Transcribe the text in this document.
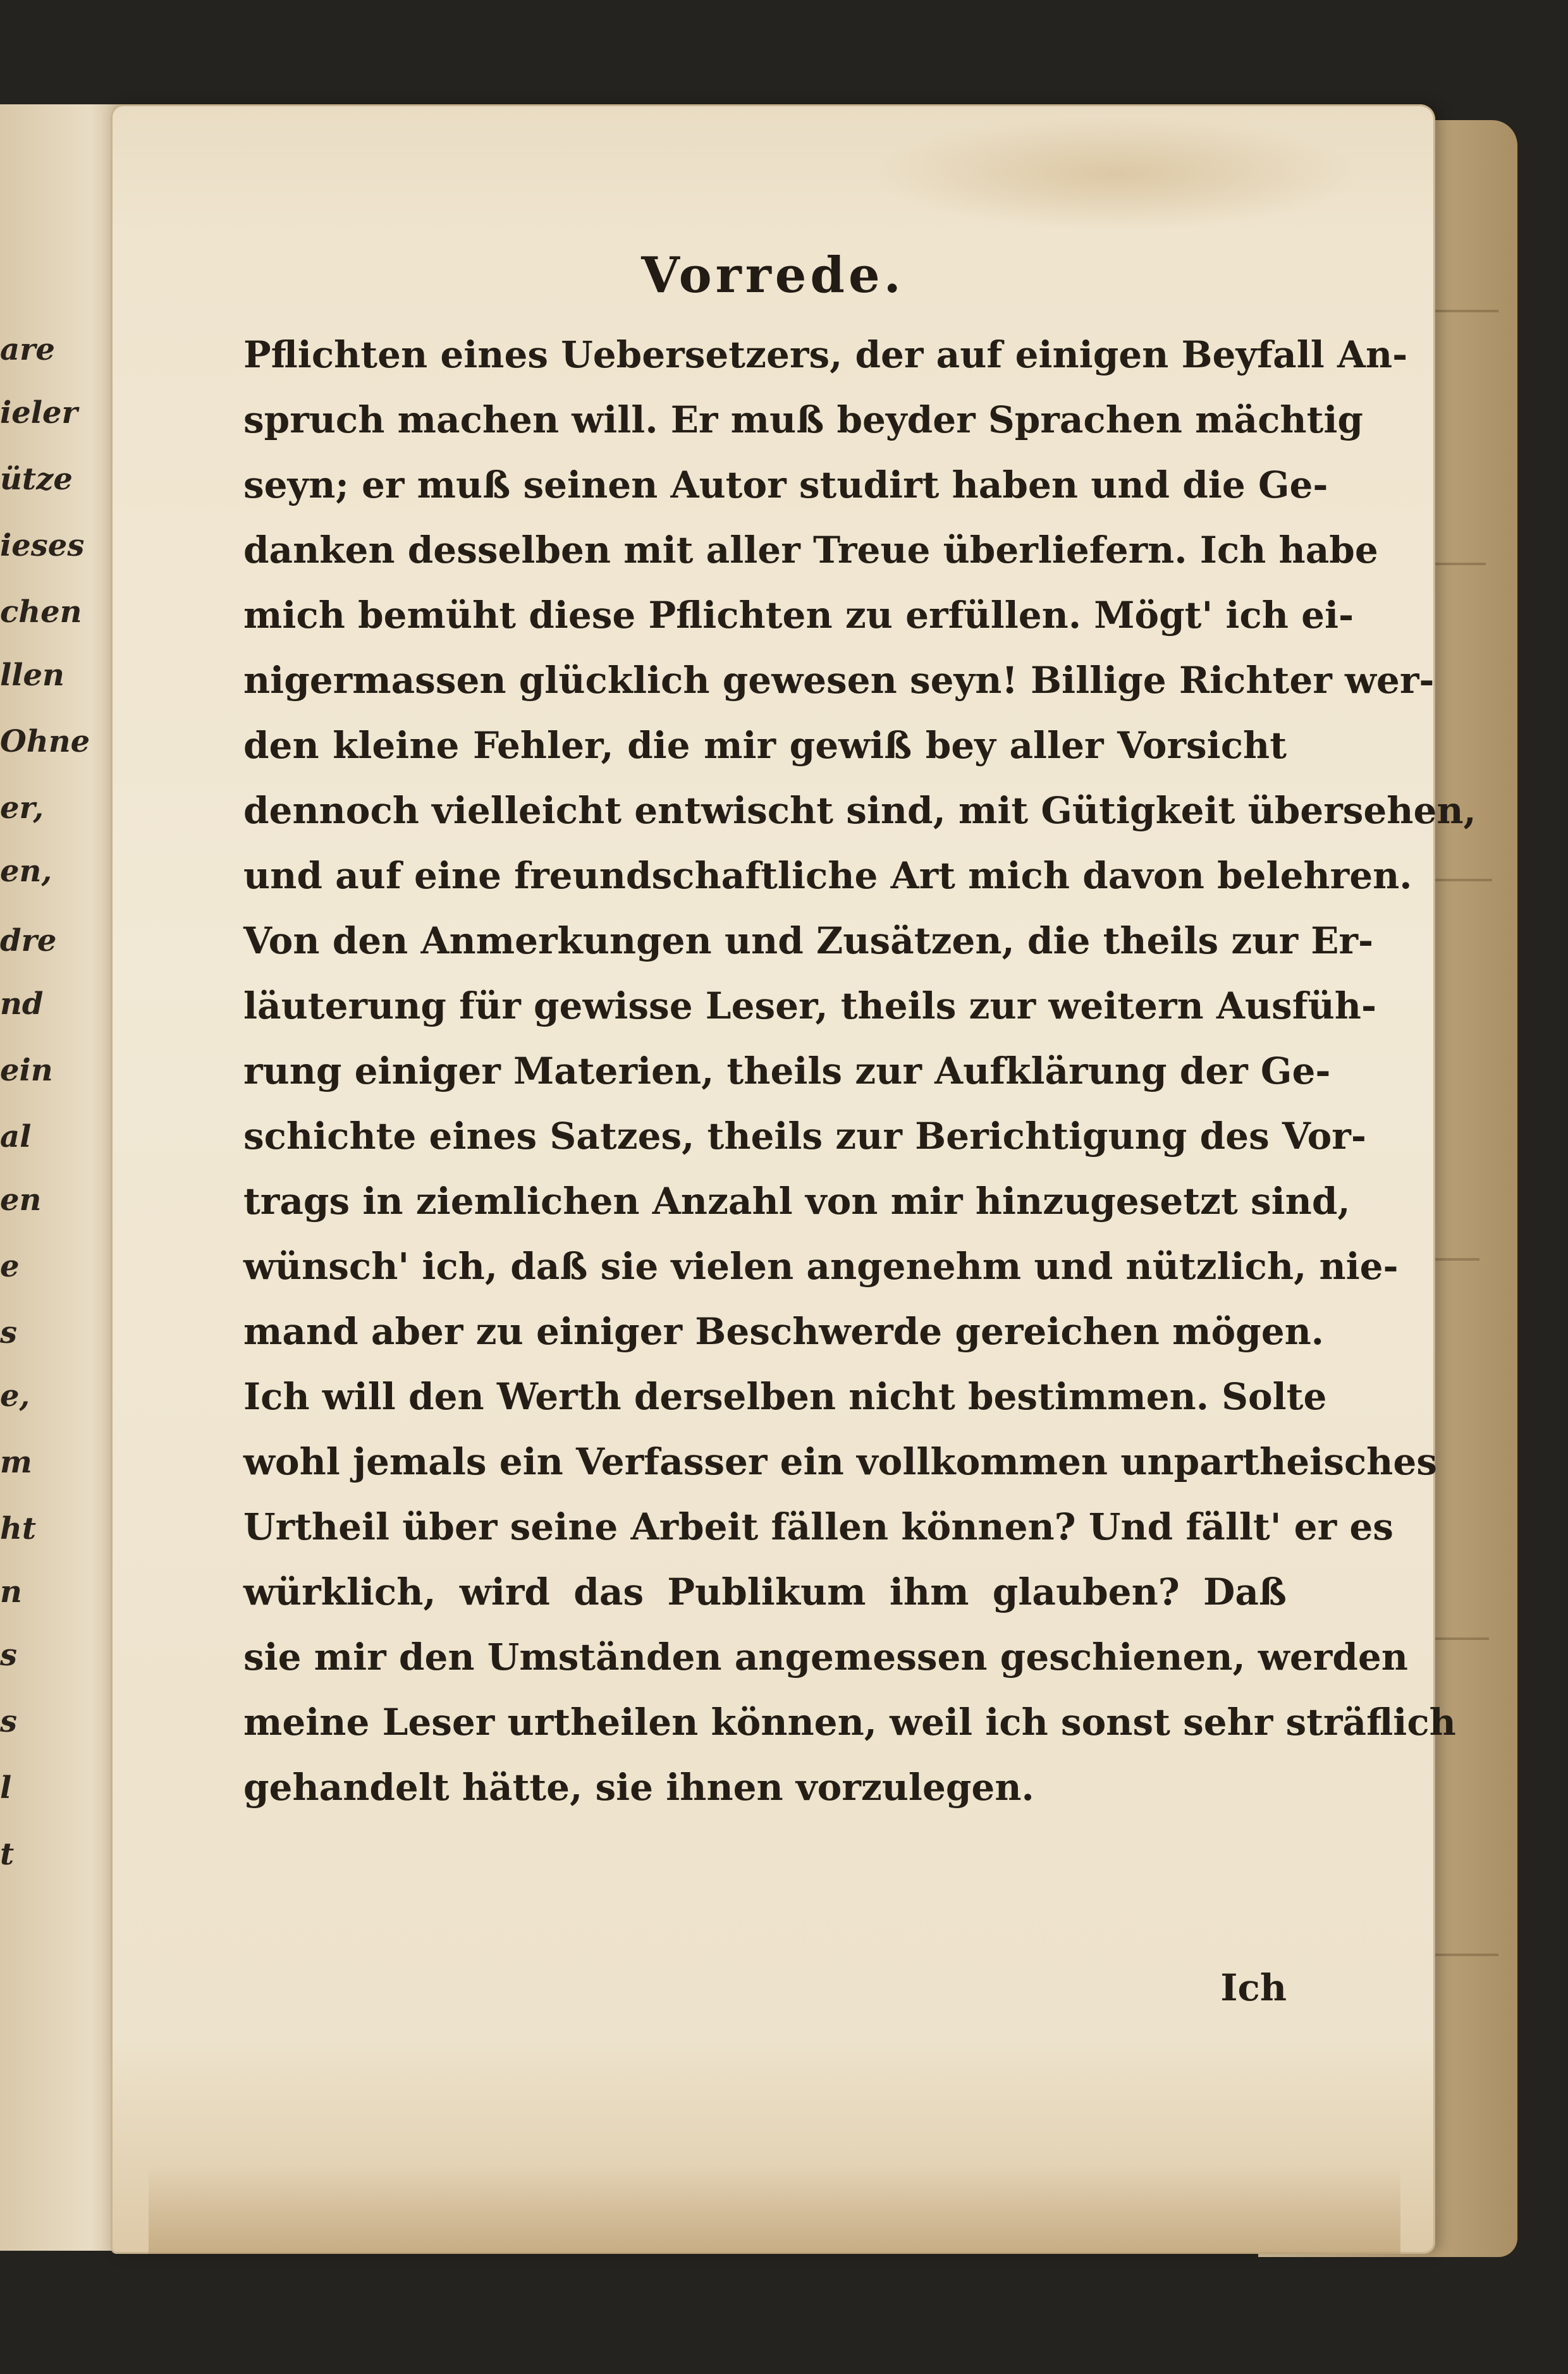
are
ieler
ütze
ieses
chen
llen
Ohne
er,
en,
dre
nd
ein
al
en
e
s
e,
m
ht
n
s
s
l
t
Vorrede.
Pflichten eines Uebersetzers, der auf einigen Beyfall An-
spruch machen will. Er muß beyder Sprachen mächtig
seyn; er muß seinen Autor studirt haben und die Ge-
danken desselben mit aller Treue überliefern. Ich habe
mich bemüht diese Pflichten zu erfüllen. Mögt' ich ei-
nigermassen glücklich gewesen seyn! Billige Richter wer-
den kleine Fehler, die mir gewiß bey aller Vorsicht
dennoch vielleicht entwischt sind, mit Gütigkeit übersehen,
und auf eine freundschaftliche Art mich davon belehren.
Von den Anmerkungen und Zusätzen, die theils zur Er-
läuterung für gewisse Leser, theils zur weitern Ausfüh-
rung einiger Materien, theils zur Aufklärung der Ge-
schichte eines Satzes, theils zur Berichtigung des Vor-
trags in ziemlichen Anzahl von mir hinzugesetzt sind,
wünsch' ich, daß sie vielen angenehm und nützlich, nie-
mand aber zu einiger Beschwerde gereichen mögen.
Ich will den Werth derselben nicht bestimmen. Solte
wohl jemals ein Verfasser ein vollkommen unpartheisches
Urtheil über seine Arbeit fällen können? Und fällt' er es
würklich, wird das Publikum ihm glauben? Daß
sie mir den Umständen angemessen geschienen, werden
meine Leser urtheilen können, weil ich sonst sehr sträflich
gehandelt hätte, sie ihnen vorzulegen.
Ich
